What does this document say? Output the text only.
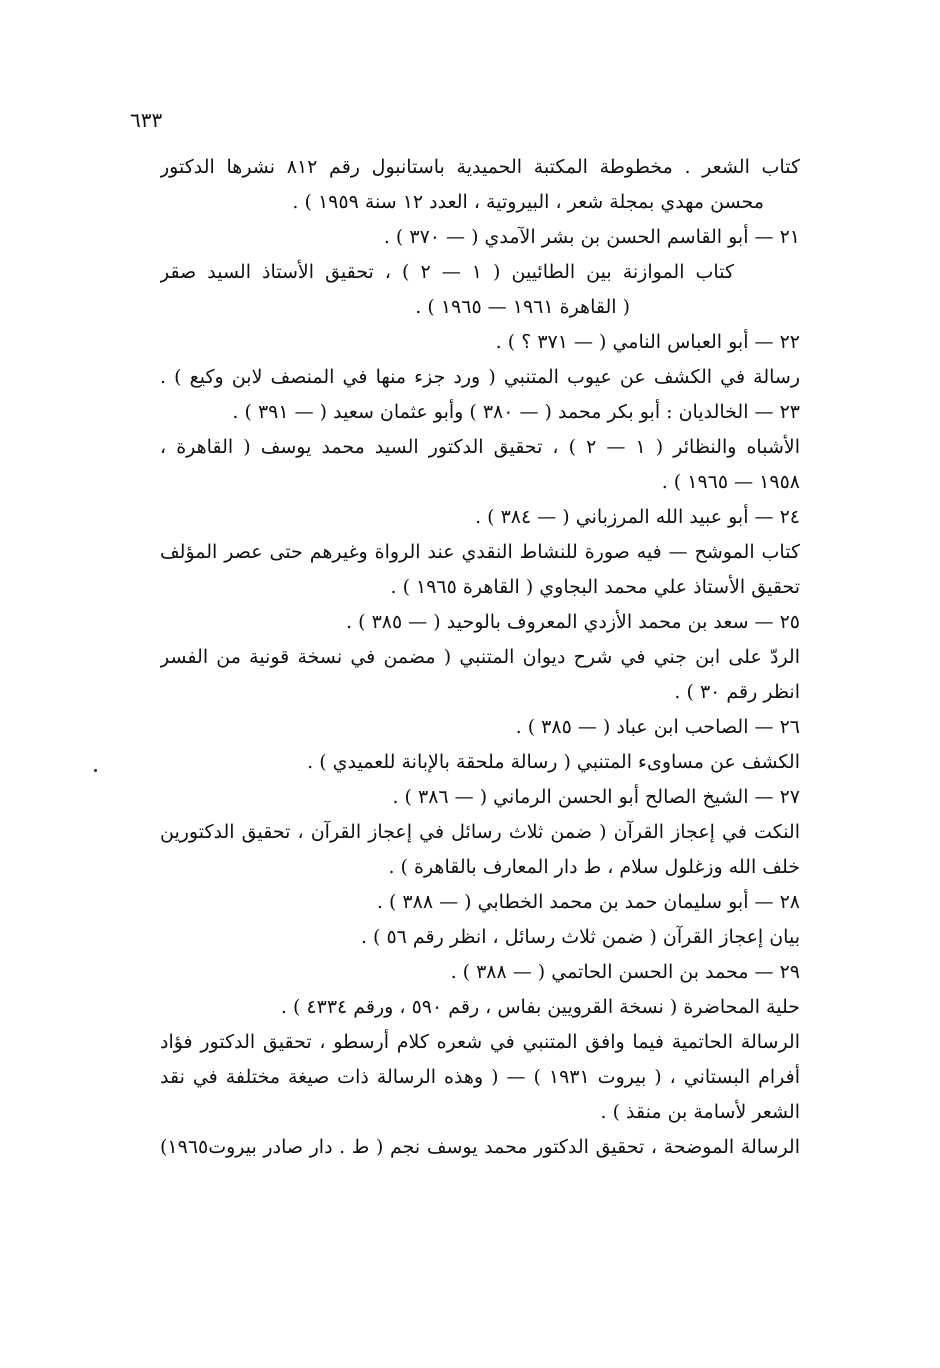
٦٣٣
كتاب الشعر . مخطوطة المكتبة الحميدية باستانبول رقم ٨١٢ نشرها الدكتور
محسن مهدي بمجلة شعر ، البيروتية ، العدد ١٢ سنة ١٩٥٩ ) .
٢١ — أبو القاسم الحسن بن بشر الآمدي ( — ٣٧٠ ) .
كتاب الموازنة بين الطائيين ( ١ — ٢ ) ، تحقيق الأستاذ السيد صقر
( القاهرة ١٩٦١ — ١٩٦٥ ) .
٢٢ — أبو العباس النامي ( — ٣٧١ ؟ ) .
رسالة في الكشف عن عيوب المتنبي ( ورد جزء منها في المنصف لابن وكيع ) .
٢٣ — الخالديان : أبو بكر محمد ( — ٣٨٠ ) وأبو عثمان سعيد ( — ٣٩١ ) .
الأشباه والنظائر ( ١ — ٢ ) ، تحقيق الدكتور السيد محمد يوسف ( القاهرة ،
١٩٥٨ — ١٩٦٥ ) .
٢٤ — أبو عبيد الله المرزباني ( — ٣٨٤ ) .
كتاب الموشح — فيه صورة للنشاط النقدي عند الرواة وغيرهم حتى عصر المؤلف
تحقيق الأستاذ علي محمد البجاوي ( القاهرة ١٩٦٥ ) .
٢٥ — سعد بن محمد الأزدي المعروف بالوحيد ( — ٣٨٥ ) .
الردّ على ابن جني في شرح ديوان المتنبي ( مضمن في نسخة قونية من الفسر
انظر رقم ٣٠ ) .
٢٦ — الصاحب ابن عباد ( — ٣٨٥ ) .
الكشف عن مساوىء المتنبي ( رسالة ملحقة بالإبانة للعميدي ) .
٢٧ — الشيخ الصالح أبو الحسن الرماني ( — ٣٨٦ ) .
النكت في إعجاز القرآن ( ضمن ثلاث رسائل في إعجاز القرآن ، تحقيق الدكتورين
خلف الله وزغلول سلام ، ط دار المعارف بالقاهرة ) .
٢٨ — أبو سليمان حمد بن محمد الخطابي ( — ٣٨٨ ) .
بيان إعجاز القرآن ( ضمن ثلاث رسائل ، انظر رقم ٥٦ ) .
٢٩ — محمد بن الحسن الحاتمي ( — ٣٨٨ ) .
حلية المحاضرة ( نسخة القرويين بفاس ، رقم ٥٩٠ ، ورقم ٤٣٣٤ ) .
الرسالة الحاتمية فيما وافق المتنبي في شعره كلام أرسطو ، تحقيق الدكتور فؤاد
أفرام البستاني ، ( بيروت ١٩٣١ ) — ( وهذه الرسالة ذات صيغة مختلفة في نقد
الشعر لأسامة بن منقذ ) .
الرسالة الموضحة ، تحقيق الدكتور محمد يوسف نجم ( ط . دار صادر بيروت١٩٦٥)
